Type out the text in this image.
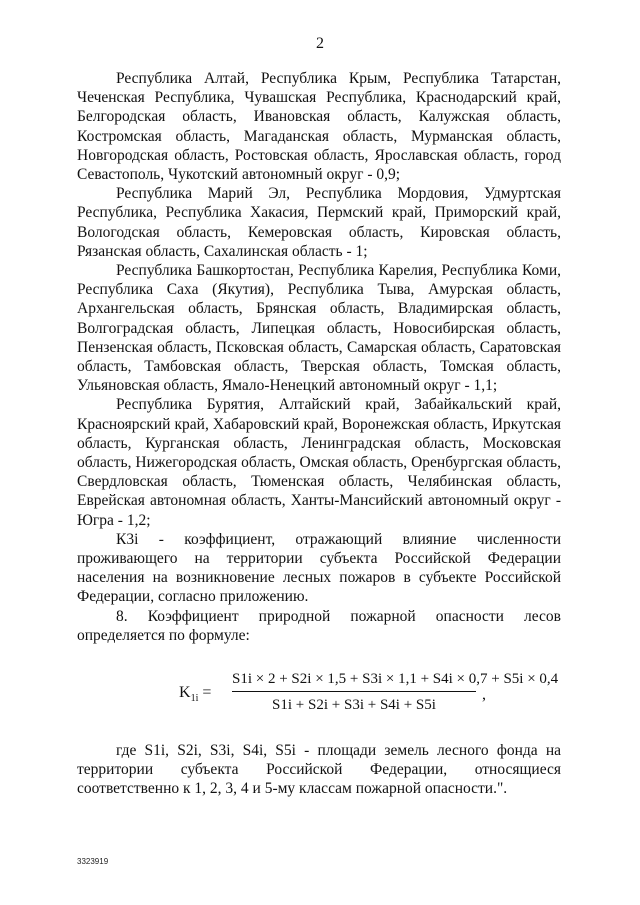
2

Республика Алтай, Республика Крым, Республика Татарстан, Чеченская Республика, Чувашская Республика, Краснодарский край, Белгородская область, Ивановская область, Калужская область, Костромская область, Магаданская область, Мурманская область, Новгородская область, Ростовская область, Ярославская область, город Севастополь, Чукотский автономный округ - 0,9;

Республика Марий Эл, Республика Мордовия, Удмуртская Республика, Республика Хакасия, Пермский край, Приморский край, Вологодская область, Кемеровская область, Кировская область, Рязанская область, Сахалинская область - 1;

Республика Башкортостан, Республика Карелия, Республика Коми, Республика Саха (Якутия), Республика Тыва, Амурская область, Архангельская область, Брянская область, Владимирская область, Волгоградская область, Липецкая область, Новосибирская область, Пензенская область, Псковская область, Самарская область, Саратовская область, Тамбовская область, Тверская область, Томская область, Ульяновская область, Ямало-Ненецкий автономный округ - 1,1;

Республика Бурятия, Алтайский край, Забайкальский край, Красноярский край, Хабаровский край, Воронежская область, Иркутская область, Курганская область, Ленинградская область, Московская область, Нижегородская область, Омская область, Оренбургская область, Свердловская область, Тюменская область, Челябинская область, Еврейская автономная область, Ханты-Мансийский автономный округ - Югра - 1,2;

К3i - коэффициент, отражающий влияние численности проживающего на территории субъекта Российской Федерации населения на возникновение лесных пожаров в субъекте Российской Федерации, согласно приложению.

8. Коэффициент природной пожарной опасности лесов определяется по формуле:

$K_{1i}$ =
S1i × 2 + S2i × 1,5 + S3i × 1,1 + S4i × 0,7 + S5i × 0,4
S1i + S2i + S3i + S4i + S5i
,

где S1i, S2i, S3i, S4i, S5i - площади земель лесного фонда на территории субъекта Российской Федерации, относящиеся соответственно к 1, 2, 3, 4 и 5-му классам пожарной опасности.".

3323919
